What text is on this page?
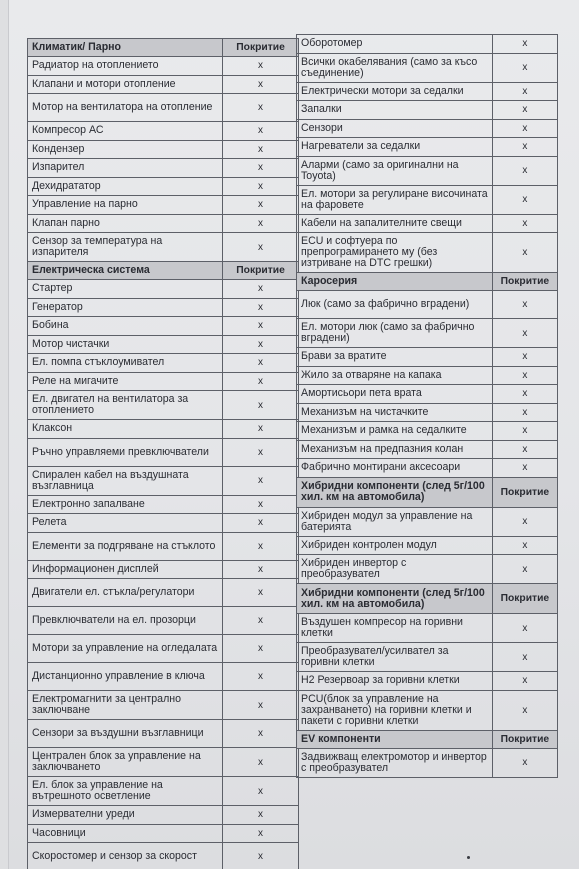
Климатик/ Парно	Покритие
Радиатор на отоплението	x
Клапани и мотори отопление	x
Мотор на вентилатора на отопление	x
Компресор АС	x
Кондензер	x
Изпарител	x
Дехидрататор	x
Управление на парно	x
Клапан парно	x
Сензор за температура на изпарителя	x
Електрическа система	Покритие
Стартер	x
Генератор	x
Бобина	x
Мотор чистачки	x
Ел. помпа стъклоумивател	x
Реле на мигачите	x
Ел. двигател на вентилатора за отоплението	x
Клаксон	x
Ръчно управляеми превключватели	x
Спирален кабел на въздушната възглавница	x
Електронно запалване	x
Релета	x
Елементи за подгряване на стъклото	x
Информационен дисплей	x
Двигатели ел. стъкла/регулатори	x
Превключватели на ел. прозорци	x
Мотори за управление на огледалата	x
Дистанционно управление в ключа	x
Електромагнити за централно заключване	x
Сензори за въздушни възглавници	x
Централен блок за управление на заключването	x
Ел. блок за управление на вътрешното осветление	x
Измервателни уреди	x
Часовници	x
Скоростомер и сензор за скорост	x
Оборотомер	x
Всички окабелявания (само за късо съединение)	x
Електрически мотори за седалки	x
Запалки	x
Сензори	x
Нагреватели за седалки	x
Аларми (само за оригинални на Toyota)	x
Ел. мотори за регулиране височината на фаровете	x
Кабели на запалителните свещи	x
ECU и софтуера по препрограмирането му (без изтриване на DTC грешки)	x
Каросерия	Покритие
Люк (само за фабрично вградени)	x
Ел. мотори люк (само за фабрично вградени)	x
Брави за вратите	x
Жило за отваряне на капака	x
Амортисьори пета врата	x
Механизъм на чистачките	x
Механизъм и рамка на седалките	x
Механизъм на предпазния колан	x
Фабрично монтирани аксесоари	x
Хибридни компоненти (след 5г/100 хил. км на автомобила)	Покритие
Хибриден модул за управление на батерията	x
Хибриден контролен модул	x
Хибриден инвертор с преобразувател	x
Хибридни компоненти (след 5г/100 хил. км на автомобила)	Покритие
Въздушен компресор на горивни клетки	x
Преобразувател/усилвател за горивни клетки	x
H2 Резервоар за горивни клетки	x
PCU(блок за управление на захранването) на горивни клетки и пакети с горивни клетки	x
EV компоненти	Покритие
Задвижващ електромотор и инвертор с преобразувател	x
